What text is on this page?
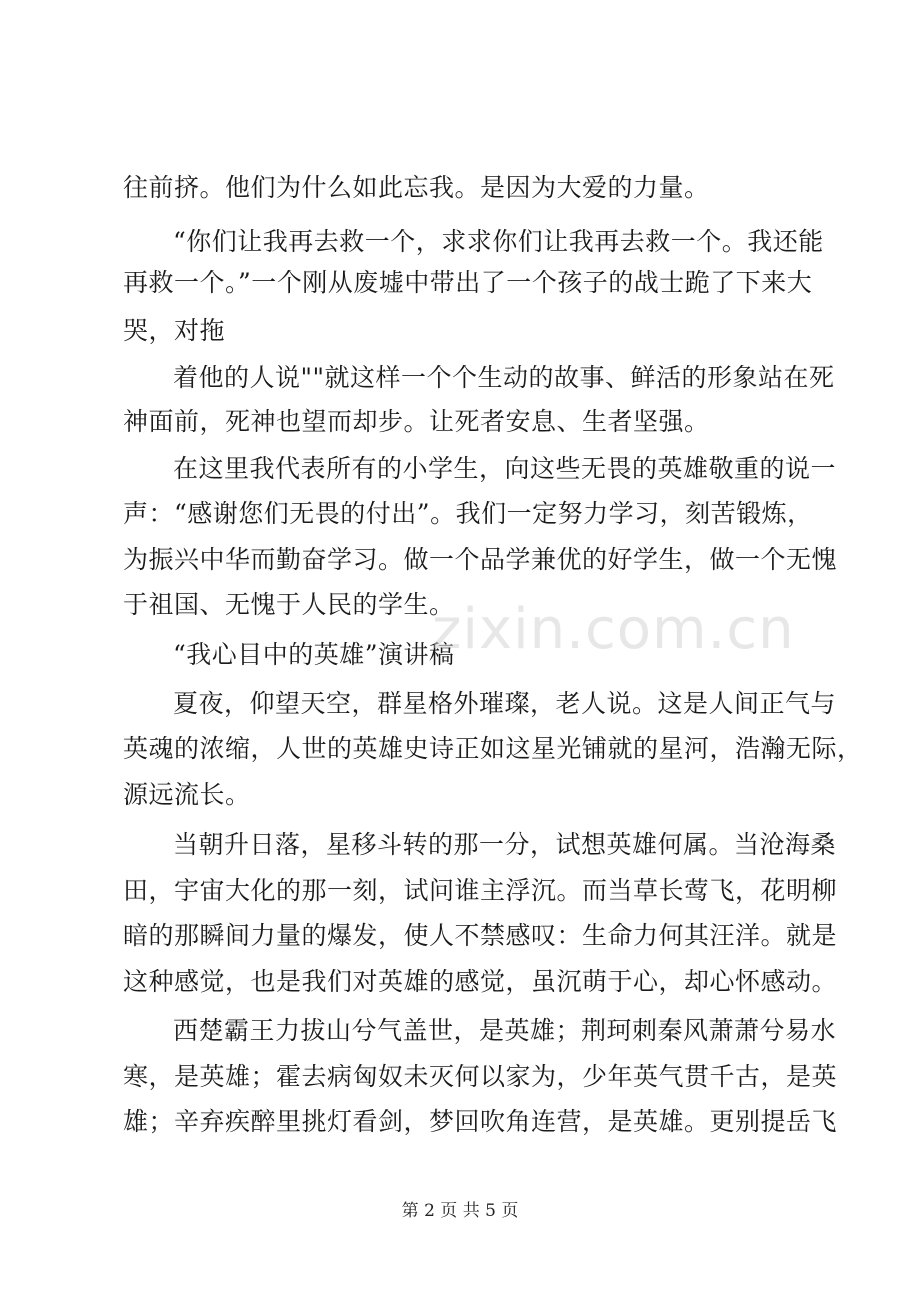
往前挤。他们为什么如此忘我。是因为大爱的力量。
“你们让我再去救一个，求求你们让我再去救一个。我还能
再救一个。”一个刚从废墟中带出了一个孩子的战士跪了下来大
哭，对拖
着他的人说""就这样一个个生动的故事、鲜活的形象站在死
神面前，死神也望而却步。让死者安息、生者坚强。
在这里我代表所有的小学生，向这些无畏的英雄敬重的说一
声：“感谢您们无畏的付出”。我们一定努力学习，刻苦锻炼，
为振兴中华而勤奋学习。做一个品学兼优的好学生，做一个无愧
于祖国、无愧于人民的学生。
“我心目中的英雄”演讲稿
夏夜，仰望天空，群星格外璀璨，老人说。这是人间正气与
英魂的浓缩，人世的英雄史诗正如这星光铺就的星河，浩瀚无际，
源远流长。
当朝升日落，星移斗转的那一分，试想英雄何属。当沧海桑
田，宇宙大化的那一刻，试问谁主浮沉。而当草长莺飞，花明柳
暗的那瞬间力量的爆发，使人不禁感叹：生命力何其汪洋。就是
这种感觉，也是我们对英雄的感觉，虽沉萌于心，却心怀感动。
西楚霸王力拔山兮气盖世，是英雄；荆珂刺秦风萧萧兮易水
寒，是英雄；霍去病匈奴未灭何以家为，少年英气贯千古，是英
雄；辛弃疾醉里挑灯看剑，梦回吹角连营，是英雄。更别提岳飞
zixin.com.cn
第 2 页 共 5 页
